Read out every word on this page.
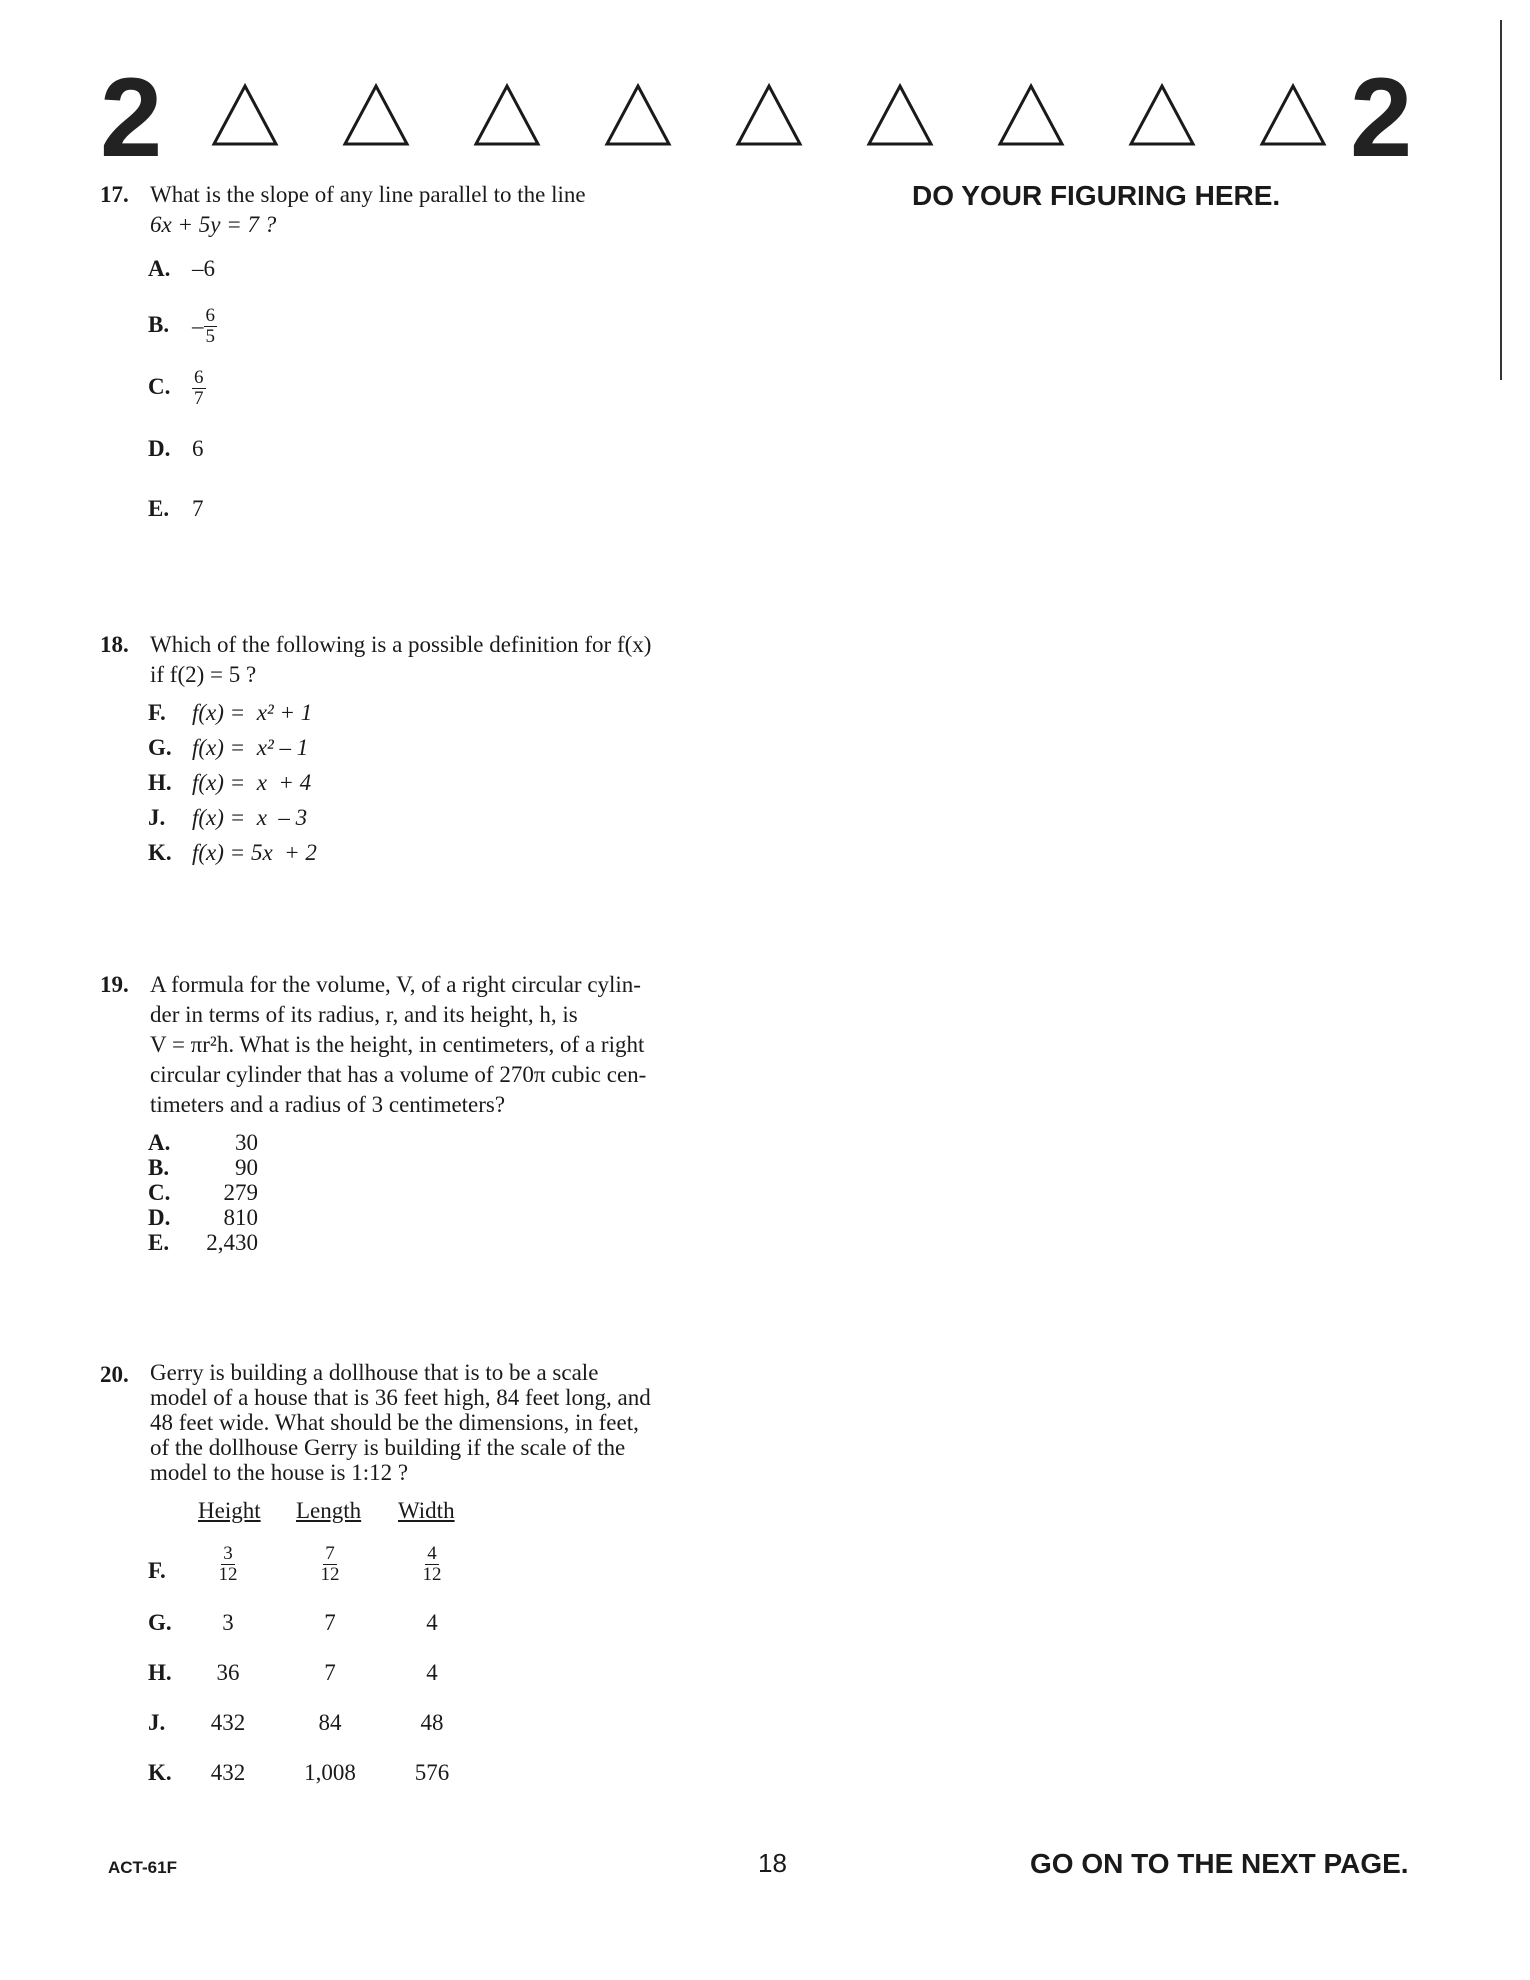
2	2
DO YOUR FIGURING HERE.
17. What is the slope of any line parallel to the line
6x + 5y = 7 ?
A. –6
B. – $\frac{6}{5}$
C. $\frac{6}{7}$
D. 6
E. 7
18. Which of the following is a possible definition for f(x)
if f(2) = 5 ?
F. f(x) =  x² + 1
G. f(x) =  x² – 1
H. f(x) =  x  + 4
J. f(x) =  x  – 3
K. f(x) = 5x  + 2
19. A formula for the volume, V, of a right circular cylin-
der in terms of its radius, r, and its height, h, is
V = πr²h. What is the height, in centimeters, of a right
circular cylinder that has a volume of 270π cubic cen-
timeters and a radius of 3 centimeters?
A.	30
B.	90
C. 279
D. 810
E. 2,430
20. Gerry is building a dollhouse that is to be a scale
model of a house that is 36 feet high, 84 feet long, and
48 feet wide. What should be the dimensions, in feet,
of the dollhouse Gerry is building if the scale of the
model to the house is 1:12 ?
Height Length Width
F.	$\frac{3}{12}$	$\frac{7}{12}$	$\frac{4}{12}$
G.	3	7	4
H.	36	7	4
J.	432	84	48
K.	432	1,008	576
ACT-61F	18	GO ON TO THE NEXT PAGE.
